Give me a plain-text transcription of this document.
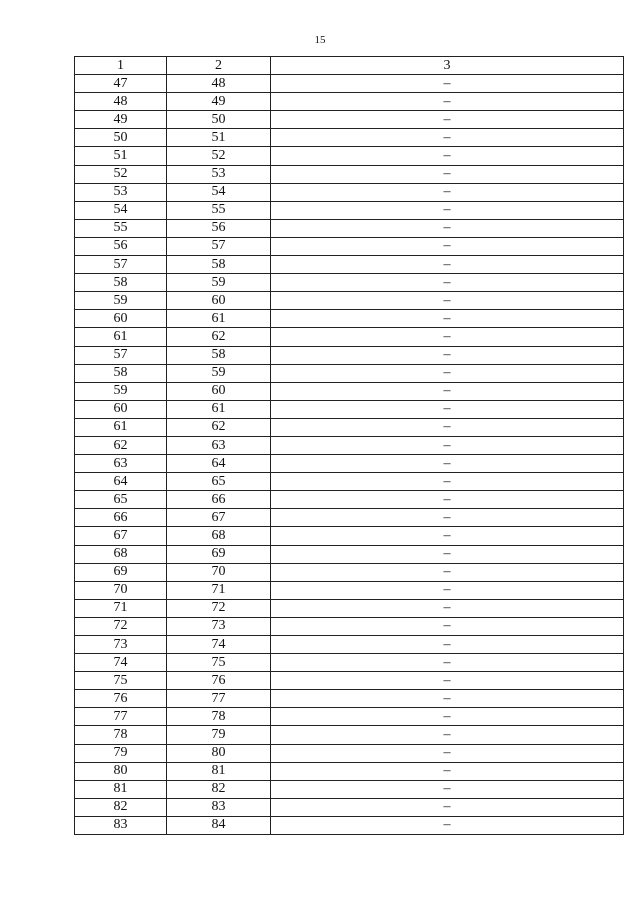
15
1	2	3
47	48	–
48	49	–
49	50	–
50	51	–
51	52	–
52	53	–
53	54	–
54	55	–
55	56	–
56	57	–
57	58	–
58	59	–
59	60	–
60	61	–
61	62	–
57	58	–
58	59	–
59	60	–
60	61	–
61	62	–
62	63	–
63	64	–
64	65	–
65	66	–
66	67	–
67	68	–
68	69	–
69	70	–
70	71	–
71	72	–
72	73	–
73	74	–
74	75	–
75	76	–
76	77	–
77	78	–
78	79	–
79	80	–
80	81	–
81	82	–
82	83	–
83	84	–
